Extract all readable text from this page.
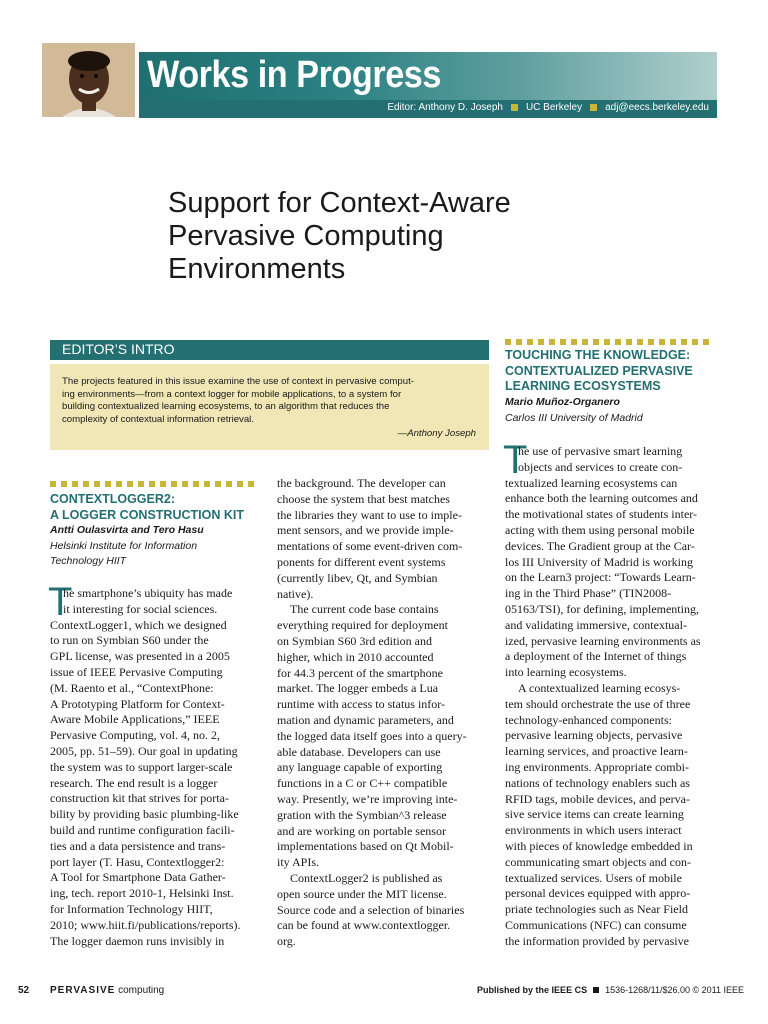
Works in Progress
Editor: Anthony D. Joseph UC Berkeley adj@eecs.berkeley.edu
Support for Context-Aware
Pervasive Computing
Environments
EDITOR’S INTRO
The projects featured in this issue examine the use of context in pervasive comput-
ing environments—from a context logger for mobile applications, to a system for
building contextualized learning ecosystems, to an algorithm that reduces the
complexity of contextual information retrieval.
—Anthony Joseph
CONTEXTLOGGER2:
A LOGGER CONSTRUCTION KIT
Antti Oulasvirta and Tero Hasu
Helsinki Institute for Information
Technology HIIT
T
he smartphone’s ubiquity has made
it interesting for social sciences.
ContextLogger1, which we designed
to run on Symbian S60 under the
GPL license, was presented in a 2005
issue of IEEE Pervasive Computing
(M. Raento et al., “ContextPhone:
A Prototyping Platform for Context-
Aware Mobile Applications,” IEEE
Pervasive Computing, vol. 4, no. 2,
2005, pp. 51–59). Our goal in updating
the system was to support larger-scale
research. The end result is a logger
construction kit that strives for porta-
bility by providing basic plumbing-like
build and runtime configuration facili-
ties and a data persistence and trans-
port layer (T. Hasu, Contextlogger2:
A Tool for Smartphone Data Gather-
ing, tech. report 2010-1, Helsinki Inst.
for Information Technology HIIT,
2010; www.hiit.fi/publications/reports).
The logger daemon runs invisibly in
the background. The developer can
choose the system that best matches
the libraries they want to use to imple-
ment sensors, and we provide imple-
mentations of some event-driven com-
ponents for different event systems
(currently libev, Qt, and Symbian
native).
The current code base contains
everything required for deployment
on Symbian S60 3rd edition and
higher, which in 2010 accounted
for 44.3 percent of the smartphone
market. The logger embeds a Lua
runtime with access to status infor-
mation and dynamic parameters, and
the logged data itself goes into a query-
able database. Developers can use
any language capable of exporting
functions in a C or C++ compatible
way. Presently, we’re improving inte-
gration with the Symbian^3 release
and are working on portable sensor
implementations based on Qt Mobil-
ity APIs.
ContextLogger2 is published as
open source under the MIT license.
Source code and a selection of binaries
can be found at www.contextlogger.
org.
TOUCHING THE KNOWLEDGE:
CONTEXTUALIZED PERVASIVE
LEARNING ECOSYSTEMS
Mario Muñoz-Organero
Carlos III University of Madrid
T
he use of pervasive smart learning
objects and services to create con-
textualized learning ecosystems can
enhance both the learning outcomes and
the motivational states of students inter-
acting with them using personal mobile
devices. The Gradient group at the Car-
los III University of Madrid is working
on the Learn3 project: “Towards Learn-
ing in the Third Phase” (TIN2008-
05163/TSI), for defining, implementing,
and validating immersive, contextual-
ized, pervasive learning environments as
a deployment of the Internet of things
into learning ecosystems.
A contextualized learning ecosys-
tem should orchestrate the use of three
technology-enhanced components:
pervasive learning objects, pervasive
learning services, and proactive learn-
ing environments. Appropriate combi-
nations of technology enablers such as
RFID tags, mobile devices, and perva-
sive service items can create learning
environments in which users interact
with pieces of knowledge embedded in
communicating smart objects and con-
textualized services. Users of mobile
personal devices equipped with appro-
priate technologies such as Near Field
Communications (NFC) can consume
the information provided by pervasive
52 PERVASIVE computing	Published by the IEEE CS 1536-1268/11/$26.00 © 2011 IEEE
